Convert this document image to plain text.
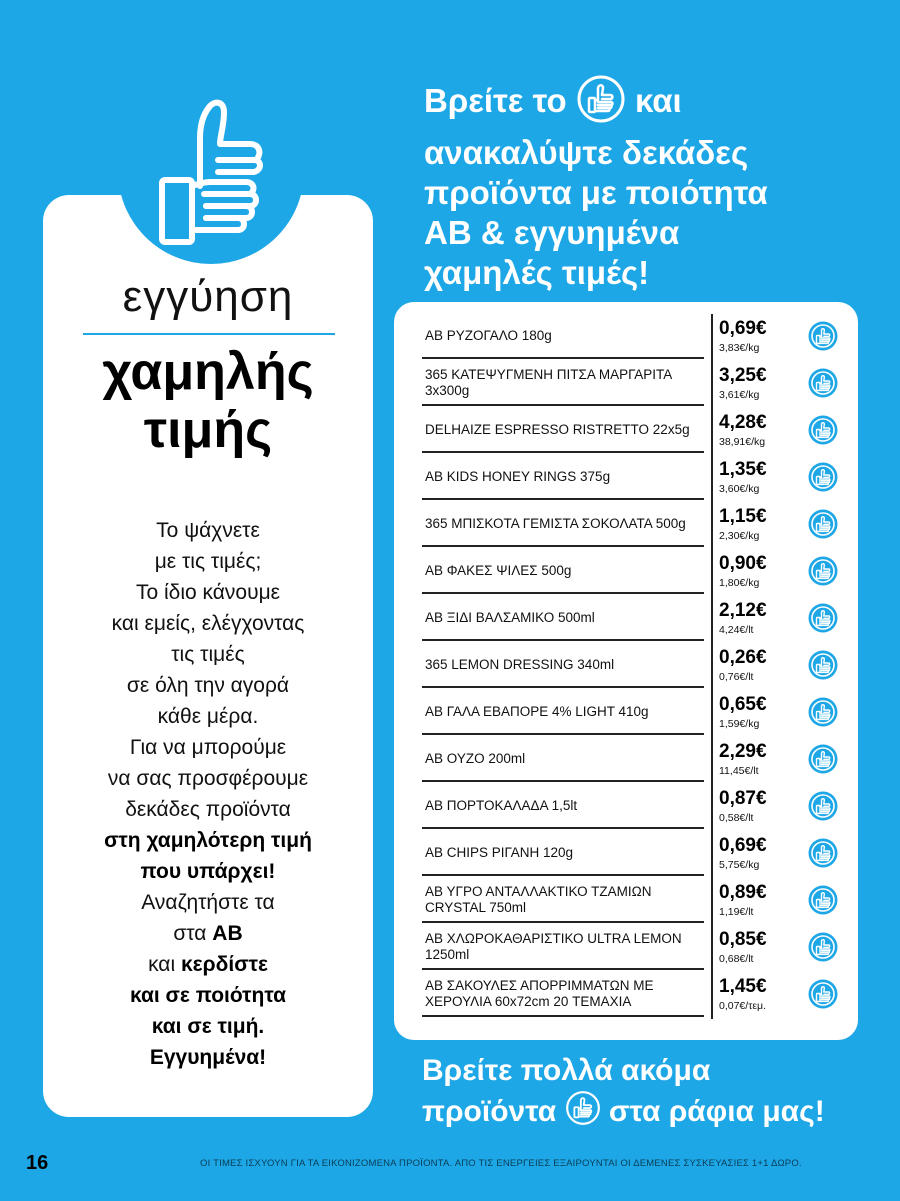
εγγύηση
χαμηλής
τιμής
Το ψάχνετε
με τις τιμές;
Το ίδιο κάνουμε
και εμείς, ελέγχοντας
τις τιμές
σε όλη την αγορά
κάθε μέρα.
Για να μπορούμε
να σας προσφέρουμε
δεκάδες προϊόντα
στη χαμηλότερη τιμή
που υπάρχει!
Αναζητήστε τα
στα ΑΒ
και κερδίστε
και σε ποιότητα
και σε τιμή.
Εγγυημένα!
Βρείτε το και
ανακαλύψτε δεκάδες
προϊόντα με ποιότητα
ΑΒ & εγγυημένα
χαμηλές τιμές!
ΑΒ ΡΥΖΟΓΑΛΟ 180g	0,69€
3,83€/kg
365 ΚΑΤΕΨΥΓΜΕΝΗ ΠΙΤΣΑ ΜΑΡΓΑΡΙΤΑ 3x300g
3,25€
3,61€/kg
DELHAIZE ESPRESSO RISTRETTO 22x5g	4,28€
38,91€/kg
AB KIDS HONEY RINGS 375g	1,35€
3,60€/kg
365 ΜΠΙΣΚΟΤΑ ΓΕΜΙΣΤΑ ΣΟΚΟΛΑΤΑ 500g	1,15€
2,30€/kg
ΑΒ ΦΑΚΕΣ ΨΙΛΕΣ 500g	0,90€
1,80€/kg
ΑΒ ΞΙΔΙ ΒΑΛΣΑΜΙΚΟ 500ml	2,12€
4,24€/lt
365 LEMON DRESSING 340ml	0,26€
0,76€/lt
ΑΒ ΓΑΛΑ ΕΒΑΠΟΡΕ 4% LIGHT 410g	0,65€
1,59€/kg
ΑΒ ΟΥΖΟ 200ml	2,29€
11,45€/lt
ΑΒ ΠΟΡΤΟΚΑΛΑΔΑ 1,5lt	0,87€
0,58€/lt
AB CHIPS ΡΙΓΑΝΗ 120g	0,69€
5,75€/kg
ΑΒ ΥΓΡΟ ΑΝΤΑΛΛΑΚΤΙΚΟ ΤΖΑΜΙΩΝ CRYSTAL 750ml
0,89€
1,19€/lt
ΑΒ ΧΛΩΡΟΚΑΘΑΡΙΣΤΙΚΟ ULTRA LEMON 1250ml
0,85€
0,68€/lt
ΑΒ ΣΑΚΟΥΛΕΣ ΑΠΟΡΡΙΜΜΑΤΩΝ ΜΕ ΧΕΡΟΥΛΙΑ 60x72cm 20 ΤΕΜΑΧΙΑ
1,45€
0,07€/τεμ.
Βρείτε πολλά ακόμα
προϊόντα στα ράφια μας!
16	ΟΙ ΤΙΜΕΣ ΙΣΧΥΟΥΝ ΓΙΑ ΤΑ ΕΙΚΟΝΙΖΟΜΕΝΑ ΠΡΟΪΟΝΤΑ. ΑΠΟ ΤΙΣ ΕΝΕΡΓΕΙΕΣ ΕΞΑΙΡΟΥΝΤΑΙ ΟΙ ΔΕΜΕΝΕΣ ΣΥΣΚΕΥΑΣΙΕΣ 1+1 ΔΩΡΟ.
